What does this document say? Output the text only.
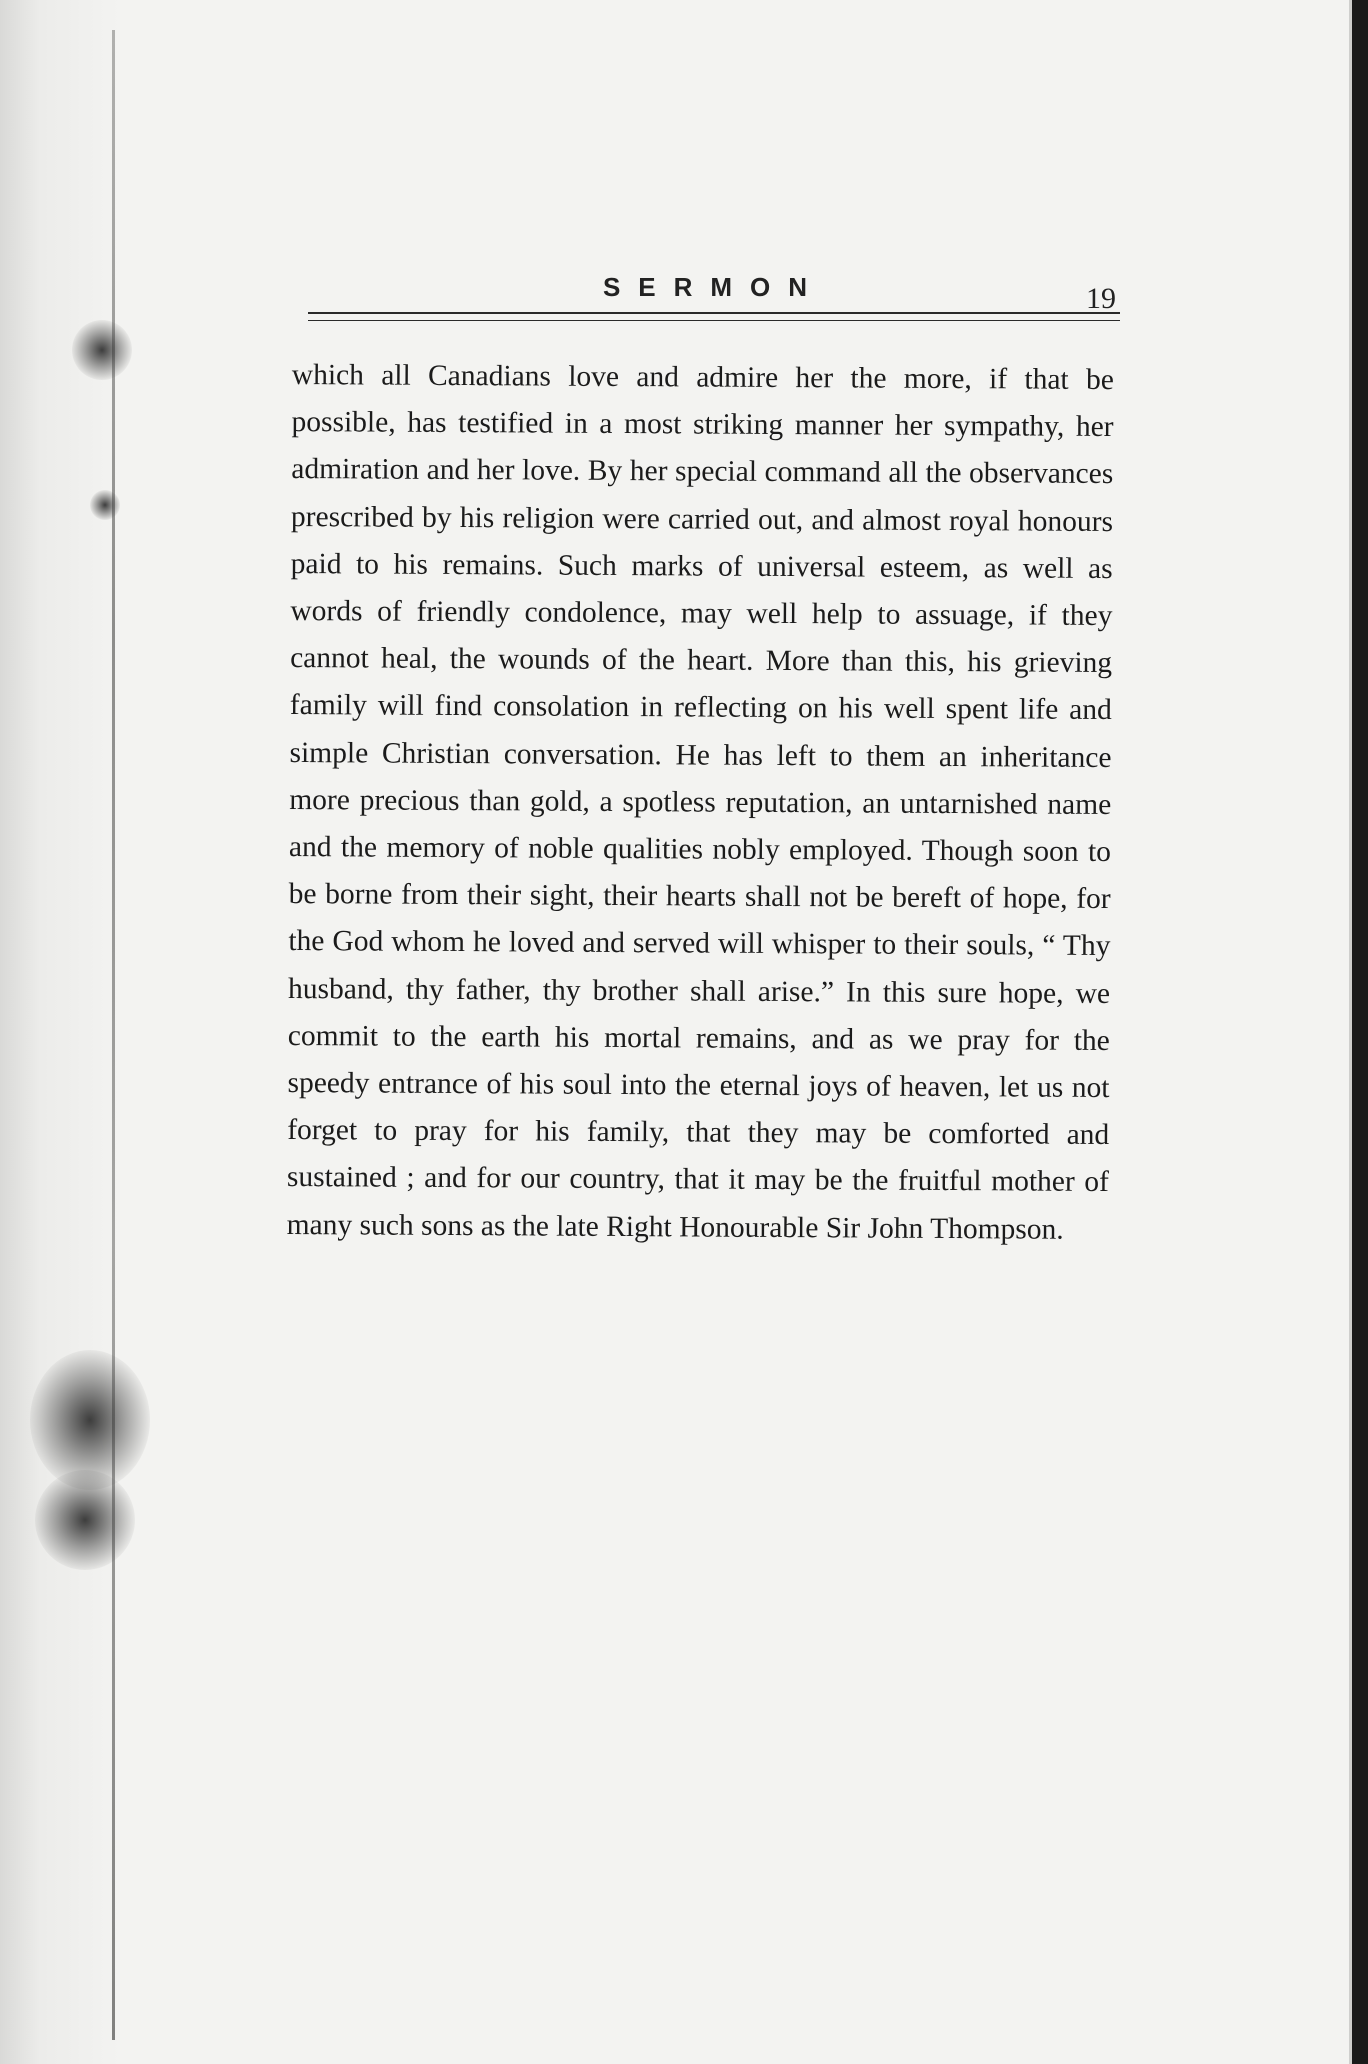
SERMON	19

which all Canadians love and admire her the more, if that be possible, has testified in a most striking manner her sympathy, her admiration and her love. By her special command all the observances prescribed by his religion were carried out, and almost royal honours paid to his remains. Such marks of universal esteem, as well as words of friendly condolence, may well help to assuage, if they cannot heal, the wounds of the heart. More than this, his grieving family will find consolation in reflecting on his well spent life and simple Christian conversation. He has left to them an inheritance more precious than gold, a spotless reputation, an untarnished name and the memory of noble qualities nobly employed. Though soon to be borne from their sight, their hearts shall not be bereft of hope, for the God whom he loved and served will whisper to their souls, “ Thy husband, thy father, thy brother shall arise.” In this sure hope, we commit to the earth his mortal remains, and as we pray for the speedy entrance of his soul into the eternal joys of heaven, let us not forget to pray for his family, that they may be comforted and sustained ; and for our country, that it may be the fruitful mother of many such sons as the late Right Honourable Sir John Thompson.
